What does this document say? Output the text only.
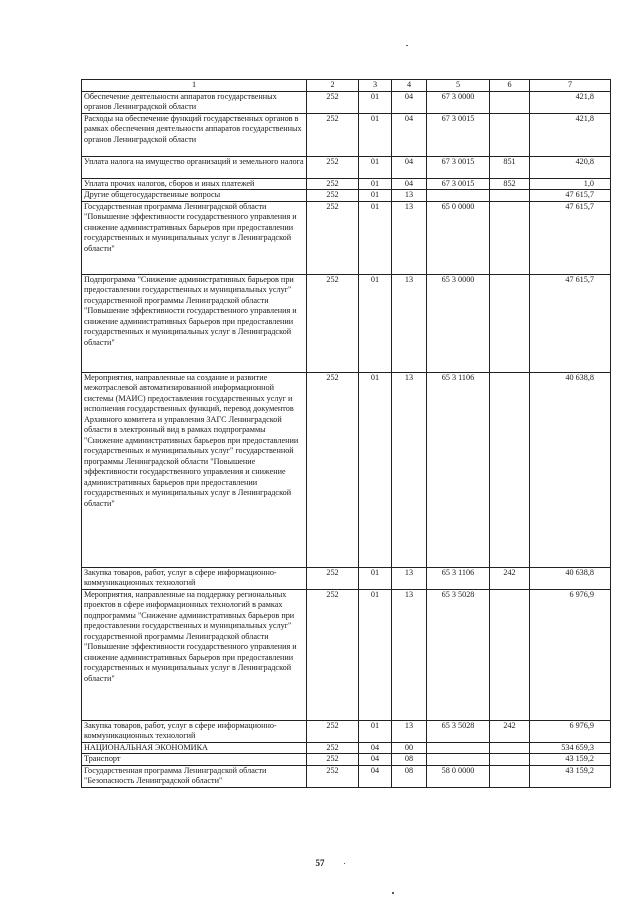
1	2	3	4	5	6	7
Обеспечение деятельности аппаратов государственных органов Ленинградской области	252	01	04	67 3 0000		421,8
Расходы на обеспечение функций государственных органов в рамках обеспечения деятельности аппаратов государственных органов Ленинградской области	252	01	04	67 3 0015		421,8
Уплата налога на имущество организаций и земельного налога	252	01	04	67 3 0015	851	420,8
Уплата прочих налогов, сборов и иных платежей	252	01	04	67 3 0015	852	1,0
Другие общегосударственные вопросы	252	01	13			47 615,7
Государственная программа Ленинградской области "Повышение эффективности государственного управления и снижение административных барьеров при предоставлении государственных и муниципальных услуг в Ленинградской области"	252	01	13	65 0 0000		47 615,7
Подпрограмма "Снижение административных барьеров при предоставлении государственных и муниципальных услуг" государственной программы Ленинградской области "Повышение эффективности государственного управления и снижение административных барьеров при предоставлении государственных и муниципальных услуг в Ленинградской области"	252	01	13	65 3 0000		47 615,7
Мероприятия, направленные на создание и развитие межотраслевой автоматизированной информационной системы (МАИС) предоставления государственных услуг и исполнения государственных функций, перевод документов Архивного комитета и управления ЗАГС Ленинградской области в электронный вид в рамках подпрограммы "Снижение административных барьеров при предоставлении государственных и муниципальных услуг" государственной программы Ленинградской области "Повышение эффективности государственного управления и снижение административных барьеров при предоставлении государственных и муниципальных услуг в Ленинградской области"	252	01	13	65 3 1106		40 638,8
Закупка товаров, работ, услуг в сфере информационно-коммуникационных технологий	252	01	13	65 3 1106	242	40 638,8
Мероприятия, направленные на поддержку региональных проектов в сфере информационных технологий в рамках подпрограммы "Снижение административных барьеров при предоставлении государственных и муниципальных услуг" государственной программы Ленинградской области "Повышение эффективности государственного управления и снижение административных барьеров при предоставлении государственных и муниципальных услуг в Ленинградской области"	252	01	13	65 3 5028		6 976,9
Закупка товаров, работ, услуг в сфере информационно-коммуникационных технологий	252	01	13	65 3 5028	242	6 976,9
НАЦИОНАЛЬНАЯ ЭКОНОМИКА	252	04	00			534 659,3
Транспорт	252	04	08			43 159,2
Государственная программа Ленинградской области "Безопасность Ленинградской области"	252	04	08	58 0 0000		43 159,2
57
